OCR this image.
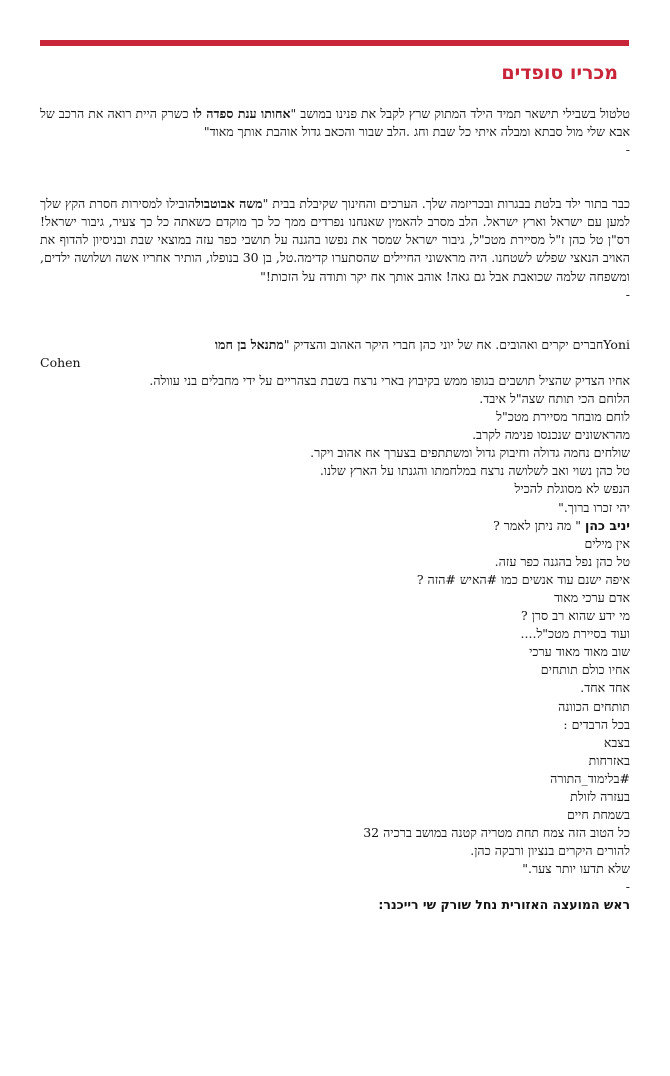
מכריו סופדים

טלטול בשבילי תישאר תמיד הילד המתוק שרץ לקבל את פנינו במושב "אחותו ענת ספדה לו כשרק היית רואה את הרכב של אבא שלי מול סבתא ומבלה איתי כל שבת וחג .הלב שבור והכאב גדול אוהבת אותך מאוד"

-

כבר בתור ילד בלטת בבגרות ובכריזמה שלך. הערכים והחינוך שקיבלת בבית "משה אבוטבולהובילו למסירות חסרת הקץ שלך למען עם ישראל וארץ ישראל. הלב מסרב להאמין שאנחנו נפרדים ממך כל כך מוקדם כשאתה כל כך צעיר, גיבור ישראל! רס"ן טל כהן ז"ל מסיירת מטכ"ל, גיבור ישראל שמסר את נפשו בהגנה על תושבי כפר עזה במוצאי שבת ובניסיון להדוף את האויב הנאצי שפלש לשטחנו. היה מראשוני החיילים שהסתערו קדימה.טל, בן 30 בנופלו, הותיר אחריו אשה ושלושה ילדים, ומשפחה שלמה שכואבת אבל גם גאה! אוהב אותך אח יקר ותודה על הזכות!"

-

Yoniחברים יקרים ואהובים. אח של יוני כהן חברי היקר האהוב והצדיק "מתנאל בן חמו

Cohen

אחיו הצדיק שהציל תושבים בגופו ממש בקיבוץ בארי נרצח בשבת בצהריים על ידי מחבלים בני עוולה.

הלוחם הכי תותח שצה"ל איבד.

לוחם מובחר מסיירת מטכ"ל

מהראשונים שנכנסו פנימה לקרב.

שולחים נחמה גדולה וחיבוק גדול ומשתתפים בצערך אח אהוב ויקר.

טל כהן נשוי ואב לשלושה נרצח במלחמתו והגנתו על הארץ שלנו.

הנפש לא מסוגלת להכיל

יהי זכרו ברוך."

יניב כהן " מה ניתן לאמר ?

אין מילים

טל כהן נפל בהגנה כפר עזה.

איפה ישנם עוד אנשים כמו #האיש #הזה ?

אדם ערכי מאוד

מי ידע שהוא רב סרן ?

ועוד בסיירת מטכ"ל....

שוב מאוד מאוד ערכי

אחיו כולם תותחים

אחד אחד.

תותחים הכוונה

בכל הרבדים :

בצבא

באזרחות

#בלימוד_התורה

בעזרה לזולת

בשמחת חיים

כל הטוב הזה צמח תחת מטריה קטנה במושב ברכיה 32

להורים היקרים בנציון ורבקה כהן.

שלא תדעו יותר צער."

-

ראש המועצה האזורית נחל שורק שי רייכנר:
